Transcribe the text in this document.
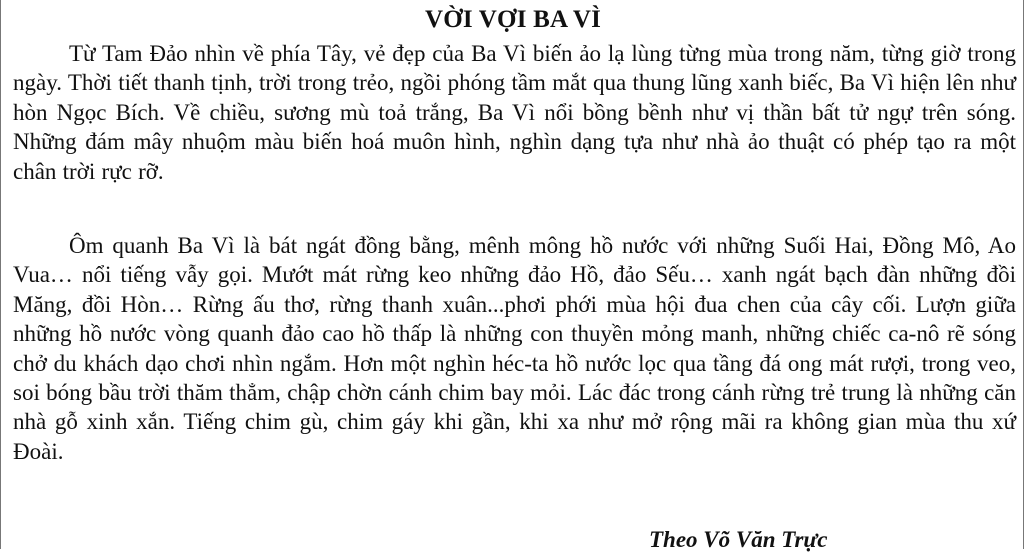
VỜI VỢI BA VÌ

Từ Tam Đảo nhìn về phía Tây, vẻ đẹp của Ba Vì biến ảo lạ lùng từng mùa trong năm, từng giờ trong ngày. Thời tiết thanh tịnh, trời trong trẻo, ngồi phóng tầm mắt qua thung lũng xanh biếc, Ba Vì hiện lên như hòn Ngọc Bích. Về chiều, sương mù toả trắng, Ba Vì nổi bồng bềnh như vị thần bất tử ngự trên sóng. Những đám mây nhuộm màu biến hoá muôn hình, nghìn dạng tựa như nhà ảo thuật có phép tạo ra một chân trời rực rỡ.

Ôm quanh Ba Vì là bát ngát đồng bằng, mênh mông hồ nước với những Suối Hai, Đồng Mô, Ao Vua… nổi tiếng vẫy gọi. Mướt mát rừng keo những đảo Hồ, đảo Sếu… xanh ngát bạch đàn những đồi Măng, đồi Hòn… Rừng ấu thơ, rừng thanh xuân...phơi phới mùa hội đua chen của cây cối. Lượn giữa những hồ nước vòng quanh đảo cao hồ thấp là những con thuyền mỏng manh, những chiếc ca-nô rẽ sóng chở du khách dạo chơi nhìn ngắm. Hơn một nghìn héc-ta hồ nước lọc qua tầng đá ong mát rượi, trong veo, soi bóng bầu trời thăm thẳm, chập chờn cánh chim bay mỏi. Lác đác trong cánh rừng trẻ trung là những căn nhà gỗ xinh xắn. Tiếng chim gù, chim gáy khi gần, khi xa như mở rộng mãi ra không gian mùa thu xứ Đoài.

Theo Võ Văn Trực
